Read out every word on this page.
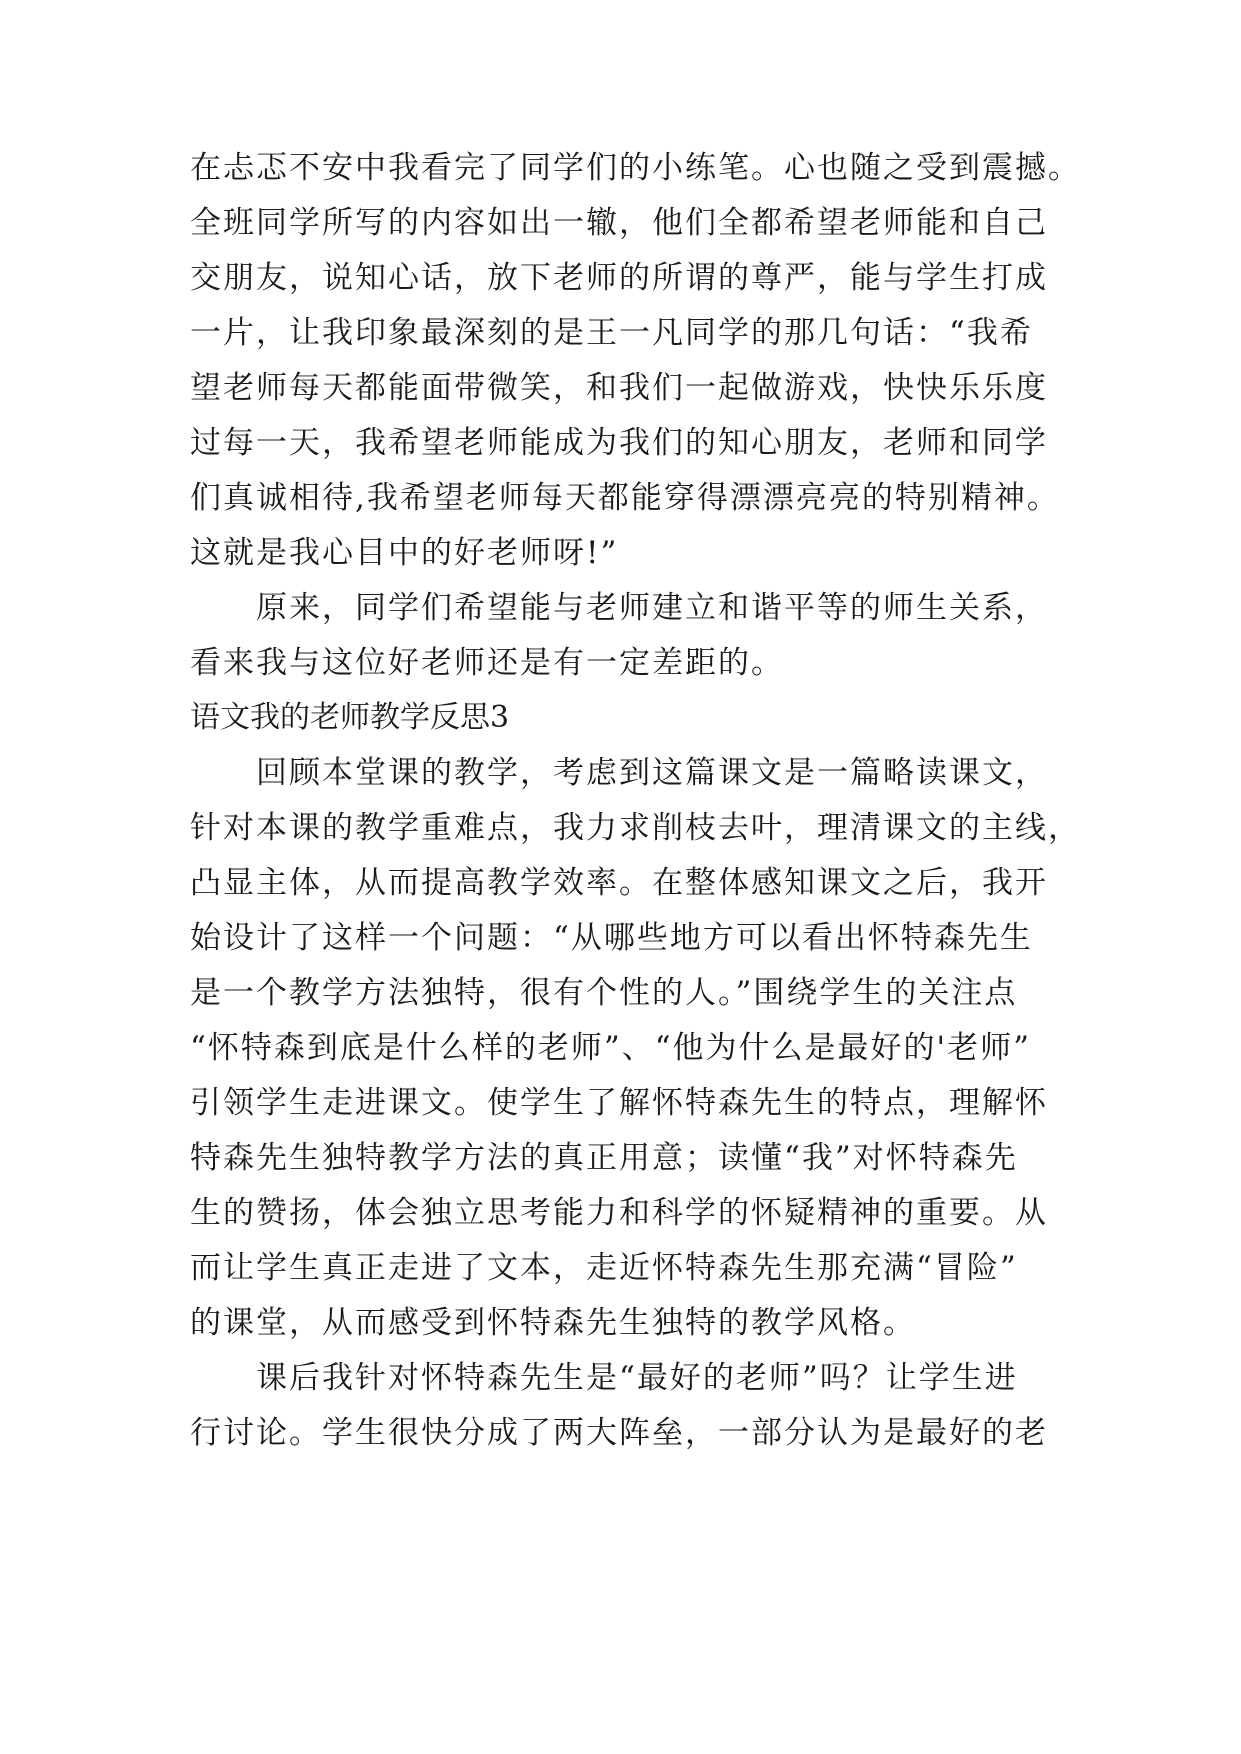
在忐忑不安中我看完了同学们的小练笔。心也随之受到震撼。
全班同学所写的内容如出一辙，他们全都希望老师能和自己
交朋友，说知心话，放下老师的所谓的尊严，能与学生打成
一片，让我印象最深刻的是王一凡同学的那几句话：“我希
望老师每天都能面带微笑，和我们一起做游戏，快快乐乐度
过每一天，我希望老师能成为我们的知心朋友，老师和同学
们真诚相待,我希望老师每天都能穿得漂漂亮亮的特别精神。
这就是我心目中的好老师呀!”
原来，同学们希望能与老师建立和谐平等的师生关系，
看来我与这位好老师还是有一定差距的。
语文我的老师教学反思3
回顾本堂课的教学，考虑到这篇课文是一篇略读课文，
针对本课的教学重难点，我力求削枝去叶，理清课文的主线，
凸显主体，从而提高教学效率。在整体感知课文之后，我开
始设计了这样一个问题：“从哪些地方可以看出怀特森先生
是一个教学方法独特，很有个性的人。”围绕学生的关注点
“怀特森到底是什么样的老师”、“他为什么是最好的'老师”
引领学生走进课文。使学生了解怀特森先生的特点，理解怀
特森先生独特教学方法的真正用意；读懂“我”对怀特森先
生的赞扬，体会独立思考能力和科学的怀疑精神的重要。从
而让学生真正走进了文本，走近怀特森先生那充满“冒险”
的课堂，从而感受到怀特森先生独特的教学风格。
课后我针对怀特森先生是“最好的老师”吗？让学生进
行讨论。学生很快分成了两大阵垒，一部分认为是最好的老
